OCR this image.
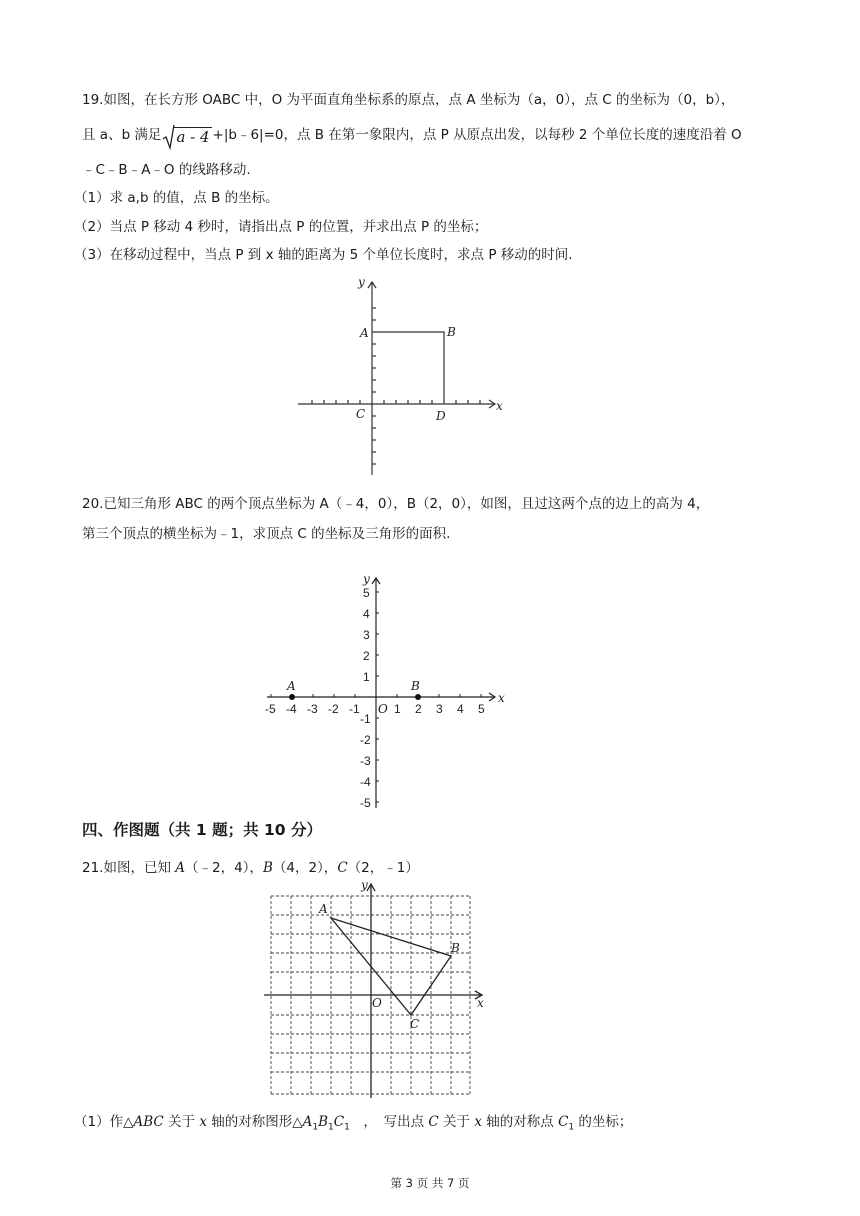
19.如图，在长方形 OABC 中，O 为平面直角坐标系的原点，点 A 坐标为（a，0），点 C 的坐标为（0，b），
且 a、b 满足 a - 4 +|b﹣6|=0，点 B 在第一象限内，点 P 从原点出发，以每秒 2 个单位长度的速度沿着 O
﹣C﹣B﹣A﹣O 的线路移动.
（1）求 a,b 的值，点 B 的坐标。
（2）当点 P 移动 4 秒时，请指出点 P 的位置，并求出点 P 的坐标；
（3）在移动过程中，当点 P 到 x 轴的距离为 5 个单位长度时，求点 P 移动的时间.
y
x
A	B
C	D
20.已知三角形 ABC 的两个顶点坐标为 A（﹣4，0），B（2，0），如图，且过这两个点的边上的高为 4，
第三个顶点的横坐标为﹣1，求顶点 C 的坐标及三角形的面积.
A	B
y
x
O
-5 -4 -3 -2 -1	1 2 3 4 5
5
4
3
2
1
-1
-2
-3
-4
-5
四、作图题（共 1 题；共 10 分）
21.如图，已知 A（﹣2，4），B（4，2），C（2，﹣1）
y
x
A
B
C
O
（1）作△ABC 关于 x 轴的对称图形$\triangle A_1B_1C_1$　，　写出点 C 关于 x 轴的对称点 $C_1$ 的坐标；
第 3 页 共 7 页
